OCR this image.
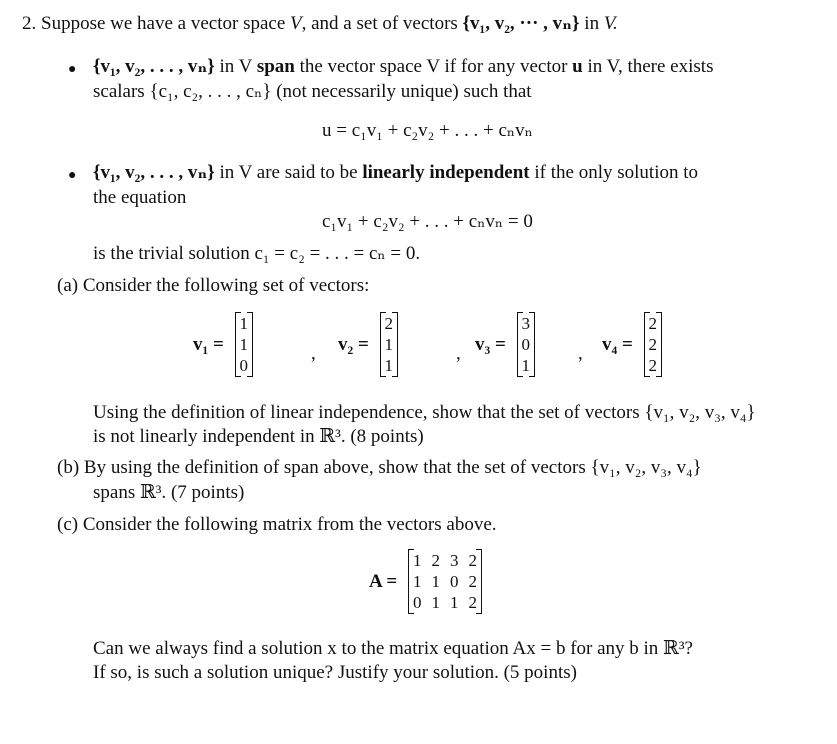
2. Suppose we have a vector space V, and a set of vectors {v₁, v₂, ··· , vₙ} in V.
● {v₁, v₂, . . . , vₙ} in V span the vector space V if for any vector u in V, there exists
scalars {c₁, c₂, . . . , cₙ} (not necessarily unique) such that
u = c₁v₁ + c₂v₂ + . . . + cₙvₙ
● {v₁, v₂, . . . , vₙ} in V are said to be linearly independent if the only solution to
the equation
c₁v₁ + c₂v₂ + . . . + cₙvₙ = 0
is the trivial solution c₁ = c₂ = . . . = cₙ = 0.
(a) Consider the following set of vectors:
v₁ =
1
1
0
, v₂ =
2
1
1
, v₃ =
3
0
1
, v₄ =
2
2
2
Using the definition of linear independence, show that the set of vectors {v₁, v₂, v₃, v₄}
is not linearly independent in ℝ³. (8 points)
(b) By using the definition of span above, show that the set of vectors {v₁, v₂, v₃, v₄}
spans ℝ³. (7 points)
(c) Consider the following matrix from the vectors above.
A =
1	2	3	2
1	1	0	2
0	1	1	2
Can we always find a solution x to the matrix equation Ax = b for any b in ℝ³?
If so, is such a solution unique? Justify your solution. (5 points)
